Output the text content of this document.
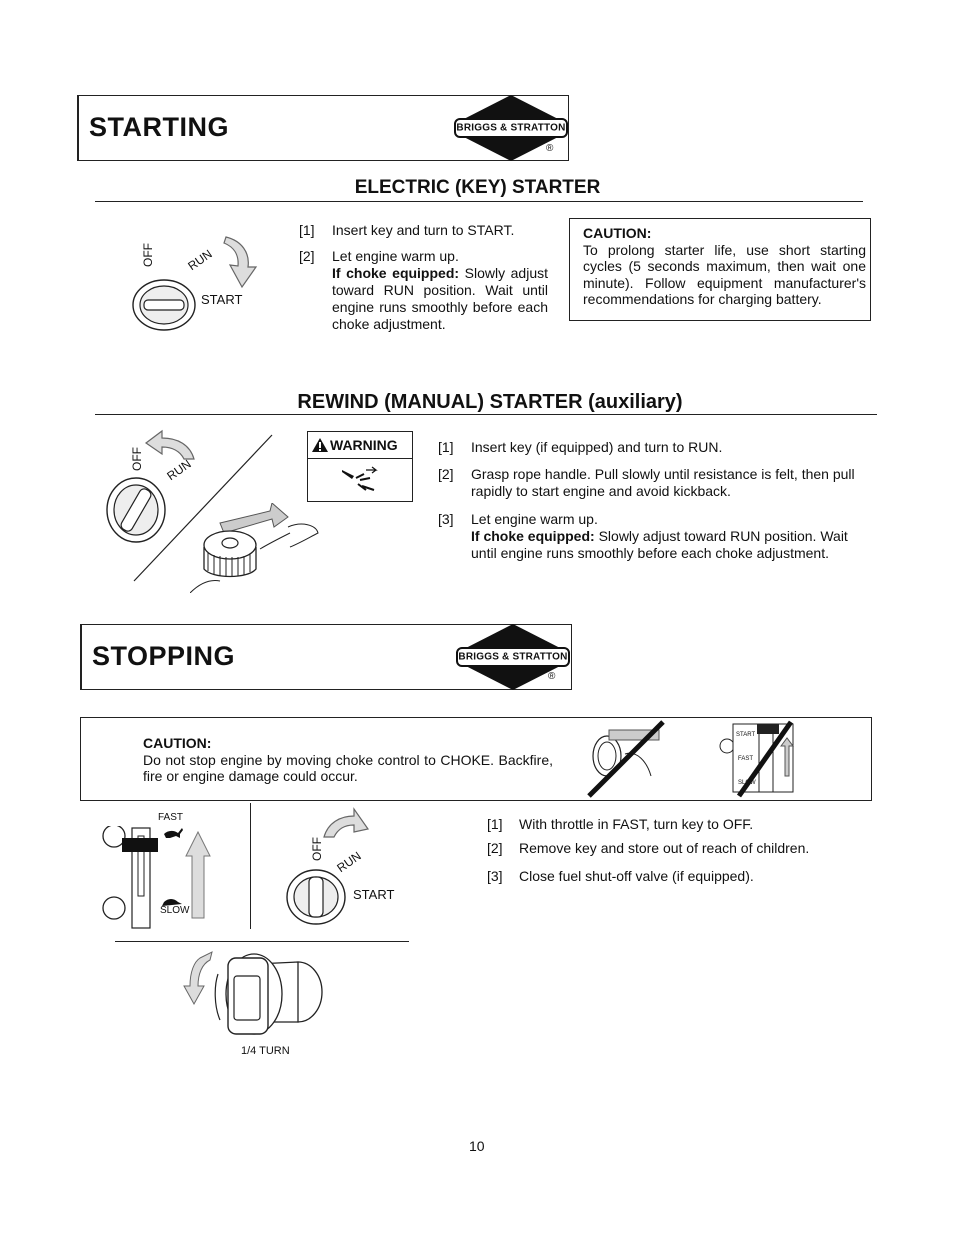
STARTING	BRIGGS & STRATTON
®
ELECTRIC (KEY) STARTER
OFF	RUN
START
[1] Insert key and turn to START.
[2] Let engine warm up.
If choke equipped: Slowly adjust toward RUN position. Wait until engine runs smoothly before each choke adjustment.
CAUTION:
To prolong starter life, use short starting cycles (5 seconds maximum, then wait one minute). Follow equipment manufacturer's recommendations for charging battery.
REWIND (MANUAL) STARTER (auxiliary)
OFF RUN
WARNING	[1] Insert key (if equipped) and turn to RUN.
[2] Grasp rope handle. Pull slowly until resistance is felt, then pull rapidly to start engine and avoid kickback.
[3] Let engine warm up.
If choke equipped: Slowly adjust toward RUN position. Wait until engine runs smoothly before each choke adjustment.
STOPPING	BRIGGS & STRATTON
®
CAUTION:
Do not stop engine by moving choke control to CHOKE. Backfire, fire or engine damage could occur.
START
FAST
SLOW
FAST
SLOW
OFF RUN
START
1/4 TURN
[1] With throttle in FAST, turn key to OFF.
[2] Remove key and store out of reach of children.
[3] Close fuel shut-off valve (if equipped).
10
